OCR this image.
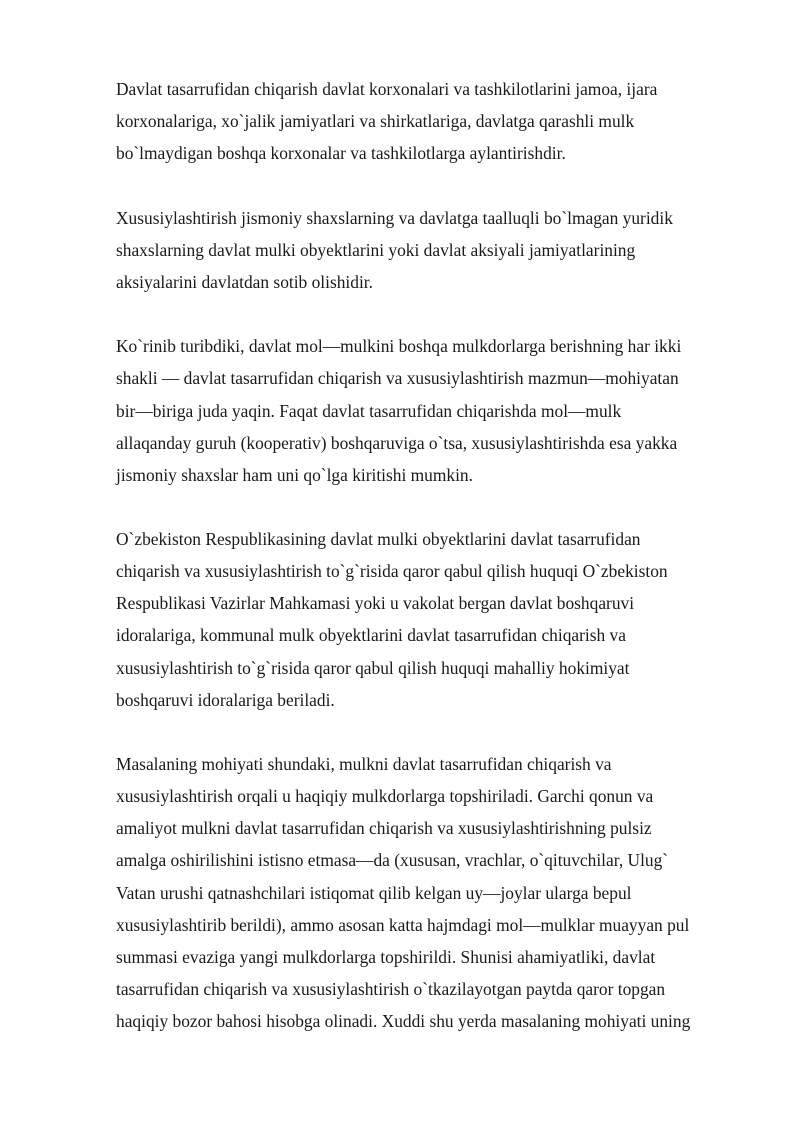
Davlat tasarrufidan chiqarish davlat korxonalari va tashkilotlarini jamoa, ijara
korxonalariga, xo`jalik jamiyatlari va shirkatlariga, davlatga qarashli mulk
bo`lmaydigan boshqa korxonalar va tashkilotlarga aylantirishdir.

Xususiylashtirish jismoniy shaxslarning va davlatga taalluqli bo`lmagan yuridik
shaxslarning davlat mulki obyektlarini yoki davlat aksiyali jamiyatlarining
aksiyalarini davlatdan sotib olishidir.

Ko`rinib turibdiki, davlat mol—mulkini boshqa mulkdorlarga berishning har ikki
shakli — davlat tasarrufidan chiqarish va xususiylashtirish mazmun—mohiyatan
bir—biriga juda yaqin. Faqat davlat tasarrufidan chiqarishda mol—mulk
allaqanday guruh (kooperativ) boshqaruviga o`tsa, xususiylashtirishda esa yakka
jismoniy shaxslar ham uni qo`lga kiritishi mumkin.

O`zbekiston Respublikasining davlat mulki obyektlarini davlat tasarrufidan
chiqarish va xususiylashtirish to`g`risida qaror qabul qilish huquqi O`zbekiston
Respublikasi Vazirlar Mahkamasi yoki u vakolat bergan davlat boshqaruvi
idoralariga, kommunal mulk obyektlarini davlat tasarrufidan chiqarish va
xususiylashtirish to`g`risida qaror qabul qilish huquqi mahalliy hokimiyat
boshqaruvi idoralariga beriladi.

Masalaning mohiyati shundaki, mulkni davlat tasarrufidan chiqarish va
xususiylashtirish orqali u haqiqiy mulkdorlarga topshiriladi. Garchi qonun va
amaliyot mulkni davlat tasarrufidan chiqarish va xususiylashtirishning pulsiz
amalga oshirilishini istisno etmasa—da (xususan, vrachlar, o`qituvchilar, Ulug`
Vatan urushi qatnashchilari istiqomat qilib kelgan uy—joylar ularga bepul
xususiylashtirib berildi), ammo asosan katta hajmdagi mol—mulklar muayyan pul
summasi evaziga yangi mulkdorlarga topshirildi. Shunisi ahamiyatliki, davlat
tasarrufidan chiqarish va xususiylashtirish o`tkazilayotgan paytda qaror topgan
haqiqiy bozor bahosi hisobga olinadi. Xuddi shu yerda masalaning mohiyati uning
